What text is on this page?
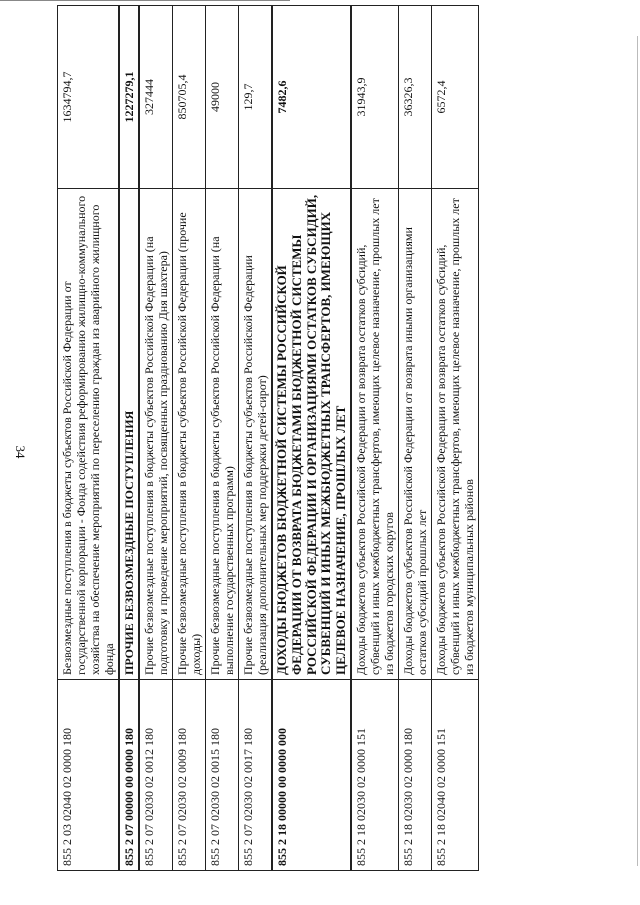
34
855 2 03 02040 02 0000 180	Безвозмездные поступления в бюджеты субъектов Российской Федерации от государственной корпорации - Фонда содействия реформированию жилищно-коммунального хозяйства на обеспечение мероприятий по переселению граждан из аварийного жилищного фонда	1634794,7
855 2 07 00000 00 0000 180	ПРОЧИЕ БЕЗВОЗМЕЗДНЫЕ ПОСТУПЛЕНИЯ	1227279,1
855 2 07 02030 02 0012 180	Прочие безвозмездные поступления в бюджеты субъектов Российской Федерации (на подготовку и проведение мероприятий, посвященных празднованию Дня шахтера)	327444
855 2 07 02030 02 0009 180	Прочие безвозмездные поступления в бюджеты субъектов Российской Федерации (прочие доходы)	850705,4
855 2 07 02030 02 0015 180	Прочие безвозмездные поступления в бюджеты субъектов Российской Федерации (на выполнение государственных программ)	49000
855 2 07 02030 02 0017 180	Прочие безвозмездные поступления в бюджеты субъектов Российской Федерации (реализация дополнительных мер поддержки детей-сирот)	129,7
855 2 18 00000 00 0000 000	ДОХОДЫ БЮДЖЕТОВ БЮДЖЕТНОЙ СИСТЕМЫ РОССИЙСКОЙ ФЕДЕРАЦИИ ОТ ВОЗВРАТА БЮДЖЕТАМИ БЮДЖЕТНОЙ СИСТЕМЫ РОССИЙСКОЙ ФЕДЕРАЦИИ И ОРГАНИЗАЦИЯМИ ОСТАТКОВ СУБСИДИЙ, СУБВЕНЦИЙ И ИНЫХ МЕЖБЮДЖЕТНЫХ ТРАНСФЕРТОВ, ИМЕЮЩИХ ЦЕЛЕВОЕ НАЗНАЧЕНИЕ, ПРОШЛЫХ ЛЕТ	7482,6
855 2 18 02030 02 0000 151	Доходы бюджетов субъектов Российской Федерации от возврата остатков субсидий, субвенций и иных межбюджетных трансфертов, имеющих целевое назначение, прошлых лет из бюджетов городских округов	31943,9
855 2 18 02030 02 0000 180	Доходы бюджетов субъектов Российской Федерации от возврата иными организациями остатков субсидий прошлых лет	36326,3
855 2 18 02040 02 0000 151	Доходы бюджетов субъектов Российской Федерации от возврата остатков субсидий, субвенций и иных межбюджетных трансфертов, имеющих целевое назначение, прошлых лет из бюджетов муниципальных районов	6572,4
